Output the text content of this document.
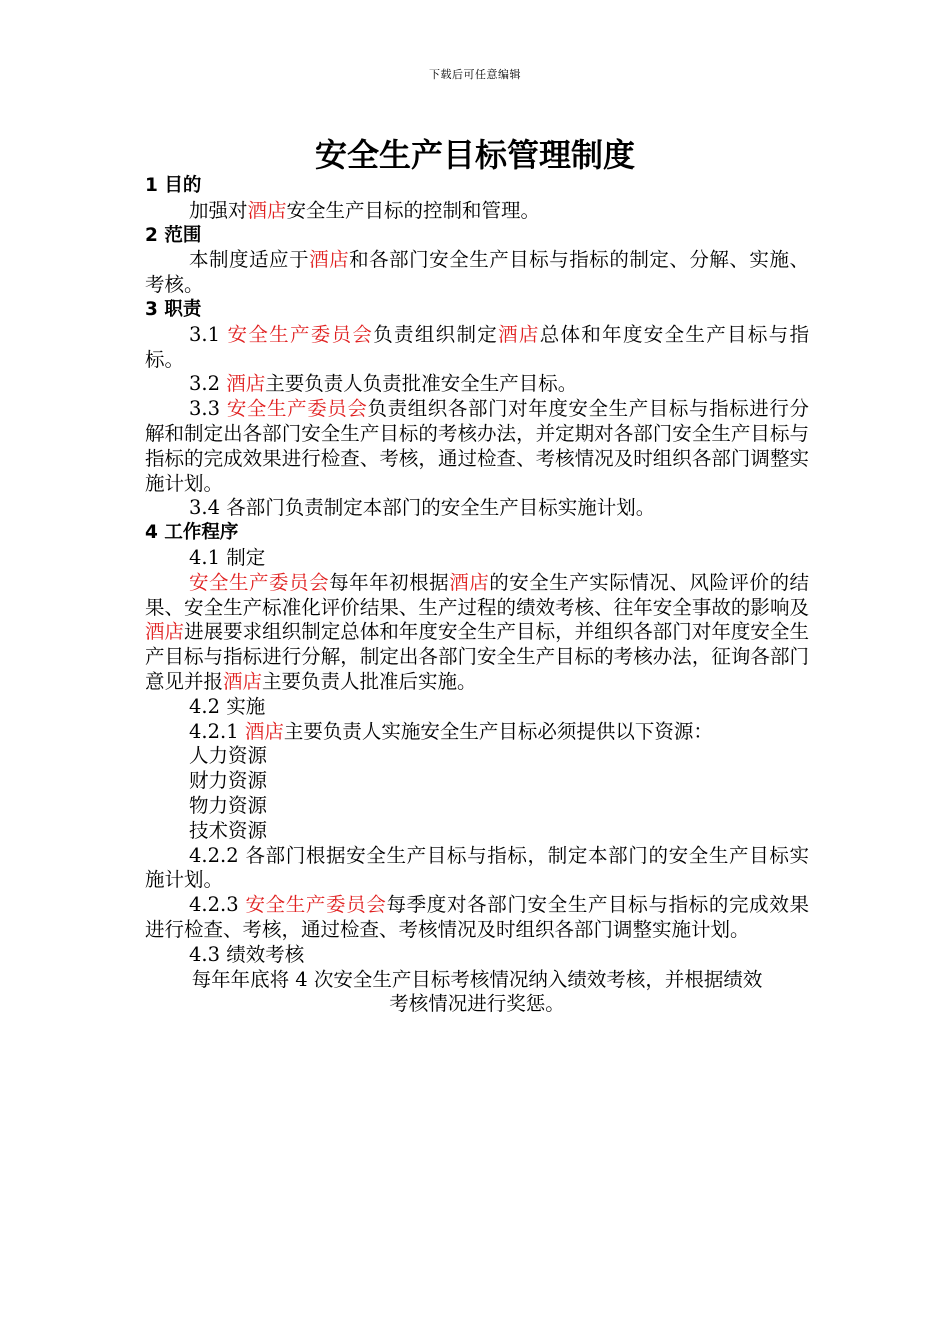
下载后可任意编辑
安全生产目标管理制度
1 目的
加强对酒店安全生产目标的控制和管理。
2 范围
本制度适应于酒店和各部门安全生产目标与指标的制定、分解、实施、考核。
3 职责
3.1 安全生产委员会负责组织制定酒店总体和年度安全生产目标与指标。
3.2 酒店主要负责人负责批准安全生产目标。
3.3 安全生产委员会负责组织各部门对年度安全生产目标与指标进行分解和制定出各部门安全生产目标的考核办法，并定期对各部门安全生产目标与指标的完成效果进行检查、考核，通过检查、考核情况及时组织各部门调整实施计划。
3.4 各部门负责制定本部门的安全生产目标实施计划。
4 工作程序
4.1 制定
安全生产委员会每年年初根据酒店的安全生产实际情况、风险评价的结果、安全生产标准化评价结果、生产过程的绩效考核、往年安全事故的影响及酒店进展要求组织制定总体和年度安全生产目标，并组织各部门对年度安全生产目标与指标进行分解，制定出各部门安全生产目标的考核办法，征询各部门意见并报酒店主要负责人批准后实施。
4.2 实施
4.2.1 酒店主要负责人实施安全生产目标必须提供以下资源：
人力资源
财力资源
物力资源
技术资源
4.2.2 各部门根据安全生产目标与指标，制定本部门的安全生产目标实施计划。
4.2.3 安全生产委员会每季度对各部门安全生产目标与指标的完成效果进行检查、考核，通过检查、考核情况及时组织各部门调整实施计划。
4.3 绩效考核
每年年底将 4 次安全生产目标考核情况纳入绩效考核，并根据绩效
考核情况进行奖惩。
